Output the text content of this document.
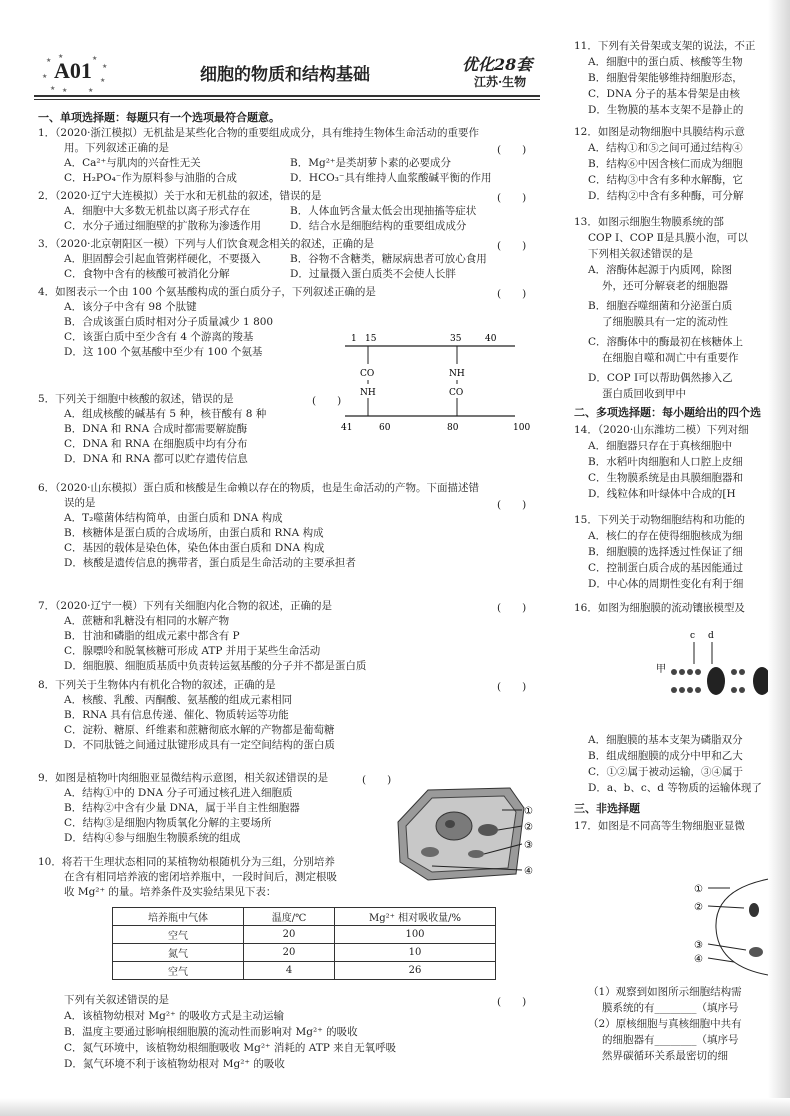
★
★	★
★
★
★
★ ★	★
A01	细胞的物质和结构基础
优化28套
江苏·生物
一、单项选择题：每题只有一个选项最符合题意。
1．（2020·浙江模拟）无机盐是某些化合物的重要组成成分，具有维持生物体生命活动的重要作
用。下列叙述正确的是	(　　)
A．Ca²⁺与肌肉的兴奋性无关	B．Mg²⁺是类胡萝卜素的必要成分
C．H₂PO₄⁻作为原料参与油脂的合成	D．HCO₃⁻具有维持人血浆酸碱平衡的作用
2．（2020·辽宁大连模拟）关于水和无机盐的叙述，错误的是	(　　)
A．细胞中大多数无机盐以离子形式存在	B．人体血钙含量太低会出现抽搐等症状
C．水分子通过细胞壁的扩散称为渗透作用	D．结合水是细胞结构的重要组成成分
3．（2020·北京朝阳区一模）下列与人们饮食观念相关的叙述，正确的是	(　　)
A．胆固醇会引起血管粥样硬化，不要摄入	B．谷物不含糖类，糖尿病患者可放心食用
C．食物中含有的核酸可被消化分解	D．过量摄入蛋白质类不会使人长胖
4．如图表示一个由 100 个氨基酸构成的蛋白质分子，下列叙述正确的是	(　　)
A．该分子中含有 98 个肽键
B．合成该蛋白质时相对分子质量减少 1 800
C．该蛋白质中至少含有 4 个游离的羧基
D．这 100 个氨基酸中至少有 100 个氨基
1 15	35	40
CO
NH
NH
CO
41	60	80	100
5．下列关于细胞中核酸的叙述，错误的是	(　　)
A．组成核酸的碱基有 5 种，核苷酸有 8 种
B．DNA 和 RNA 合成时都需要解旋酶
C．DNA 和 RNA 在细胞质中均有分布
D．DNA 和 RNA 都可以贮存遗传信息
6．（2020·山东模拟）蛋白质和核酸是生命赖以存在的物质，也是生命活动的产物。下面描述错
误的是	(　　)
A．T₂噬菌体结构简单，由蛋白质和 DNA 构成
B．核糖体是蛋白质的合成场所，由蛋白质和 RNA 构成
C．基因的载体是染色体，染色体由蛋白质和 DNA 构成
D．核酸是遗传信息的携带者，蛋白质是生命活动的主要承担者
7．（2020·辽宁一模）下列有关细胞内化合物的叙述，正确的是	(　　)
A．蔗糖和乳糖没有相同的水解产物
B．甘油和磷脂的组成元素中都含有 P
C．腺嘌呤和脱氧核糖可形成 ATP 并用于某些生命活动
D．细胞膜、细胞质基质中负责转运氨基酸的分子并不都是蛋白质
8．下列关于生物体内有机化合物的叙述，正确的是	(　　)
A．核酸、乳酸、丙酮酸、氨基酸的组成元素相同
B．RNA 具有信息传递、催化、物质转运等功能
C．淀粉、糖原、纤维素和蔗糖彻底水解的产物都是葡萄糖
D．不同肽链之间通过肽键形成具有一定空间结构的蛋白质
9．如图是植物叶肉细胞亚显微结构示意图，相关叙述错误的是	(　　)
A．结构①中的 DNA 分子可通过核孔进入细胞质
B．结构②中含有少量 DNA，属于半自主性细胞器
C．结构③是细胞内物质氧化分解的主要场所
D．结构④参与细胞生物膜系统的组成
①
②
③
④
10．将若干生理状态相同的某植物幼根随机分为三组，分别培养
在含有相同培养液的密闭培养瓶中，一段时间后，测定根吸
收 Mg²⁺ 的量。培养条件及实验结果见下表：
培养瓶中气体	温度/℃	Mg²⁺ 相对吸收量/%
空气	20	100
氮气	20	10
空气	4	26
下列有关叙述错误的是	(　　)
A．该植物幼根对 Mg²⁺ 的吸收方式是主动运输
B．温度主要通过影响根细胞膜的流动性而影响对 Mg²⁺ 的吸收
C．氮气环境中，该植物幼根细胞吸收 Mg²⁺ 消耗的 ATP 来自无氧呼吸
D．氮气环境不利于该植物幼根对 Mg²⁺ 的吸收
11．下列有关骨架或支架的说法，不正
A．细胞中的蛋白质、核酸等生物
B．细胞骨架能够维持细胞形态，
C．DNA 分子的基本骨架是由核
D．生物膜的基本支架不是静止的
12．如图是动物细胞中具膜结构示意
A．结构①和⑤之间可通过结构④
B．结构⑥中因含核仁而成为细胞
C．结构③中含有多种水解酶，它
D．结构②中含有多种酶，可分解
13．如图示细胞生物膜系统的部
COP Ⅰ、COP Ⅱ是具膜小泡，可以
下列相关叙述错误的是
A．溶酶体起源于内质网，除图
外，还可分解衰老的细胞器
B．细胞吞噬细菌和分泌蛋白质
了细胞膜具有一定的流动性
C．溶酶体中的酶最初在核糖体上
在细胞自噬和凋亡中有重要作
D．COP Ⅰ可以帮助偶然掺入乙
蛋白质回收到甲中
二、多项选择题：每小题给出的四个选
14．（2020·山东潍坊二模）下列对细
A．细胞器只存在于真核细胞中
B．水稻叶肉细胞和人口腔上皮细
C．生物膜系统是由具膜细胞器和
D．线粒体和叶绿体中合成的[H
15．下列关于动物细胞结构和功能的
A．核仁的存在使得细胞核成为细
B．细胞膜的选择透过性保证了细
C．控制蛋白质合成的基因能通过
D．中心体的周期性变化有利于细
16．如图为细胞膜的流动镶嵌模型及
甲
c d
A．细胞膜的基本支架为磷脂双分
B．组成细胞膜的成分中甲和乙大
C．①②属于被动运输，③④属于
D．a、b、c、d 等物质的运输体现了
三、非选择题
17．如图是不同高等生物细胞亚显微
①
②
③
④
（1）观察到如图所示细胞结构需
膜系统的有________（填序号
（2）原核细胞与真核细胞中共有
的细胞器有________（填序号
然界碳循环关系最密切的细
